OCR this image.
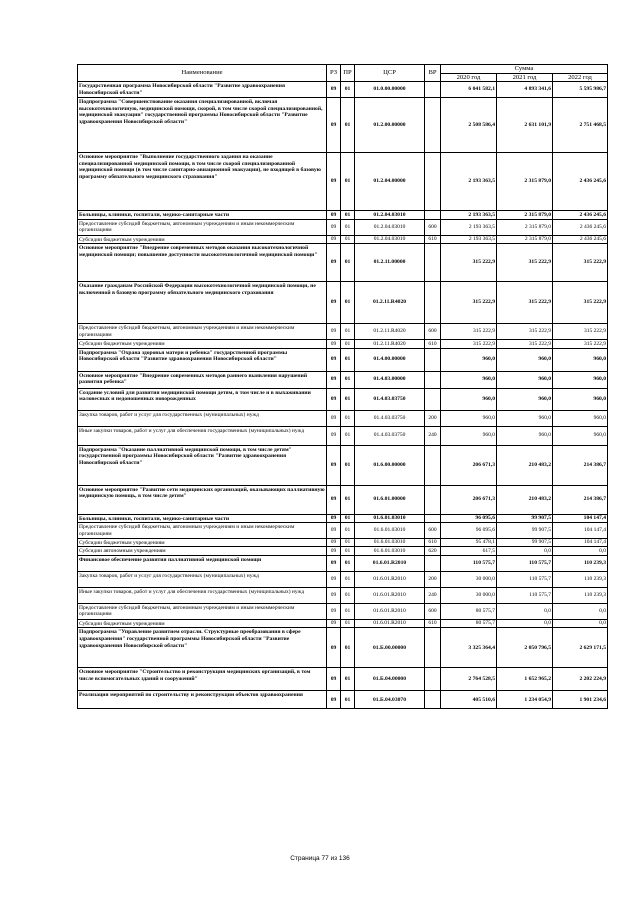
Наименование	РЗ	ПР	ЦСР	ВР	Сумма		
					2020 год	2021 год	2022 год
Государственная программа Новосибирской области "Развитие здравоохранения Новосибирской области"	09	01	01.0.00.00000		6 041 582,1	4 893 341,6	5 595 986,7
Подпрограмма "Совершенствование оказания специализированной, включая высокотехнологичную, медицинской помощи, скорой, в том числе скорой специализированной, медицинской эвакуации" государственной программы Новосибирской области "Развитие здравоохранения Новосибирской области"	09	01	01.2.00.00000		2 508 586,4	2 631 101,9	2 751 468,5
Основное мероприятие "Выполнение государственного задания на оказание специализированной медицинской помощи, в том числе скорой специализированной медицинской помощи (в том числе санитарно-авиационной эвакуации), не входящей в базовую программу обязательного медицинского страхования"	09	01	01.2.04.00000		2 193 363,5	2 315 879,0	2 436 245,6
Больницы, клиники, госпитали, медико-санитарные части	09	01	01.2.04.03010		2 193 363,5	2 315 879,0	2 436 245,6
Предоставление субсидий бюджетным, автономным учреждениям и иным некоммерческим организациям	09	01	01.2.04.03010	600	2 193 363,5	2 315 879,0	2 436 245,6
Субсидии бюджетным учреждениям	09	01	01.2.04.03010	610	2 193 363,5	2 315 879,0	2 436 245,6
Основное мероприятие "Внедрение современных методов оказания высокотехнологичной медицинской помощи; повышение доступности высокотехнологичной медицинской помощи"	09	01	01.2.11.00000		315 222,9	315 222,9	315 222,9
Оказание гражданам Российской Федерации высокотехнологичной медицинской помощи, не включенной в базовую программу обязательного медицинского страхования	09	01	01.2.11.R4020		315 222,9	315 222,9	315 222,9
Предоставление субсидий бюджетным, автономным учреждениям и иным некоммерческим организациям	09	01	01.2.11.R4020	600	315 222,9	315 222,9	315 222,9
Субсидии бюджетным учреждениям	09	01	01.2.11.R4020	610	315 222,9	315 222,9	315 222,9
Подпрограмма "Охрана здоровья матери и ребенка" государственной программы Новосибирской области "Развитие здравоохранения Новосибирской области"	09	01	01.4.00.00000		960,0	960,0	960,0
Основное мероприятие "Внедрение современных методов раннего выявления нарушений развития ребенка"	09	01	01.4.03.00000		960,0	960,0	960,0
Создание условий для развития медицинской помощи детям, в том числе и в выхаживании маловесных и недоношенных новорожденных	09	01	01.4.03.03750		960,0	960,0	960,0
Закупка товаров, работ и услуг для государственных (муниципальных) нужд	09	01	01.4.03.03750	200	960,0	960,0	960,0
Иные закупки товаров, работ и услуг для обеспечения государственных (муниципальных) нужд	09	01	01.4.03.03750	240	960,0	960,0	960,0
Подпрограмма "Оказание паллиативной медицинской помощи, в том числе детям" государственной программы Новосибирской области "Развитие здравоохранения Новосибирской области"	09	01	01.6.00.00000		206 671,3	210 483,2	214 386,7
Основное мероприятие "Развитие сети медицинских организаций, оказывающих паллиативную медицинскую помощь, в том числе детям"	09	01	01.6.01.00000		206 671,3	210 483,2	214 386,7
Больницы, клиники, госпитали, медико-санитарные части	09	01	01.6.01.03010		96 095,6	99 907,5	104 147,4
Предоставление субсидий бюджетным, автономным учреждениям и иным некоммерческим организациям	09	01	01.6.01.03010	600	96 095,6	99 907,5	104 147,4
Субсидии бюджетным учреждениям	09	01	01.6.01.03010	610	95 478,1	99 907,5	104 147,4
Субсидии автономным учреждениям	09	01	01.6.01.03010	620	617,5	0,0	0,0
Финансовое обеспечение развития паллиативной медицинской помощи	09	01	01.6.01.R2010		110 575,7	110 575,7	110 239,3
Закупка товаров, работ и услуг для государственных (муниципальных) нужд	09	01	01.6.01.R2010	200	30 000,0	110 575,7	110 239,3
Иные закупки товаров, работ и услуг для обеспечения государственных (муниципальных) нужд	09	01	01.6.01.R2010	240	30 000,0	110 575,7	110 239,3
Предоставление субсидий бюджетным, автономным учреждениям и иным некоммерческим организациям	09	01	01.6.01.R2010	600	80 575,7	0,0	0,0
Субсидии бюджетным учреждениям	09	01	01.6.01.R2010	610	80 575,7	0,0	0,0
Подпрограмма "Управление развитием отрасли. Структурные преобразования в сфере здравоохранения" государственной программы Новосибирской области "Развитие здравоохранения Новосибирской области"	09	01	01.Б.00.00000		3 325 364,4	2 050 796,5	2 629 171,5
Основное мероприятие "Строительство и реконструкция медицинских организаций, в том числе вспомогательных зданий и сооружений"	09	01	01.Б.04.00000		2 764 528,5	1 652 965,2	2 202 224,9
Реализация мероприятий по строительству и реконструкции объектов здравоохранения	09	01	01.Б.04.03070		405 510,6	1 234 054,9	1 901 234,6
Страница 77 из 136
